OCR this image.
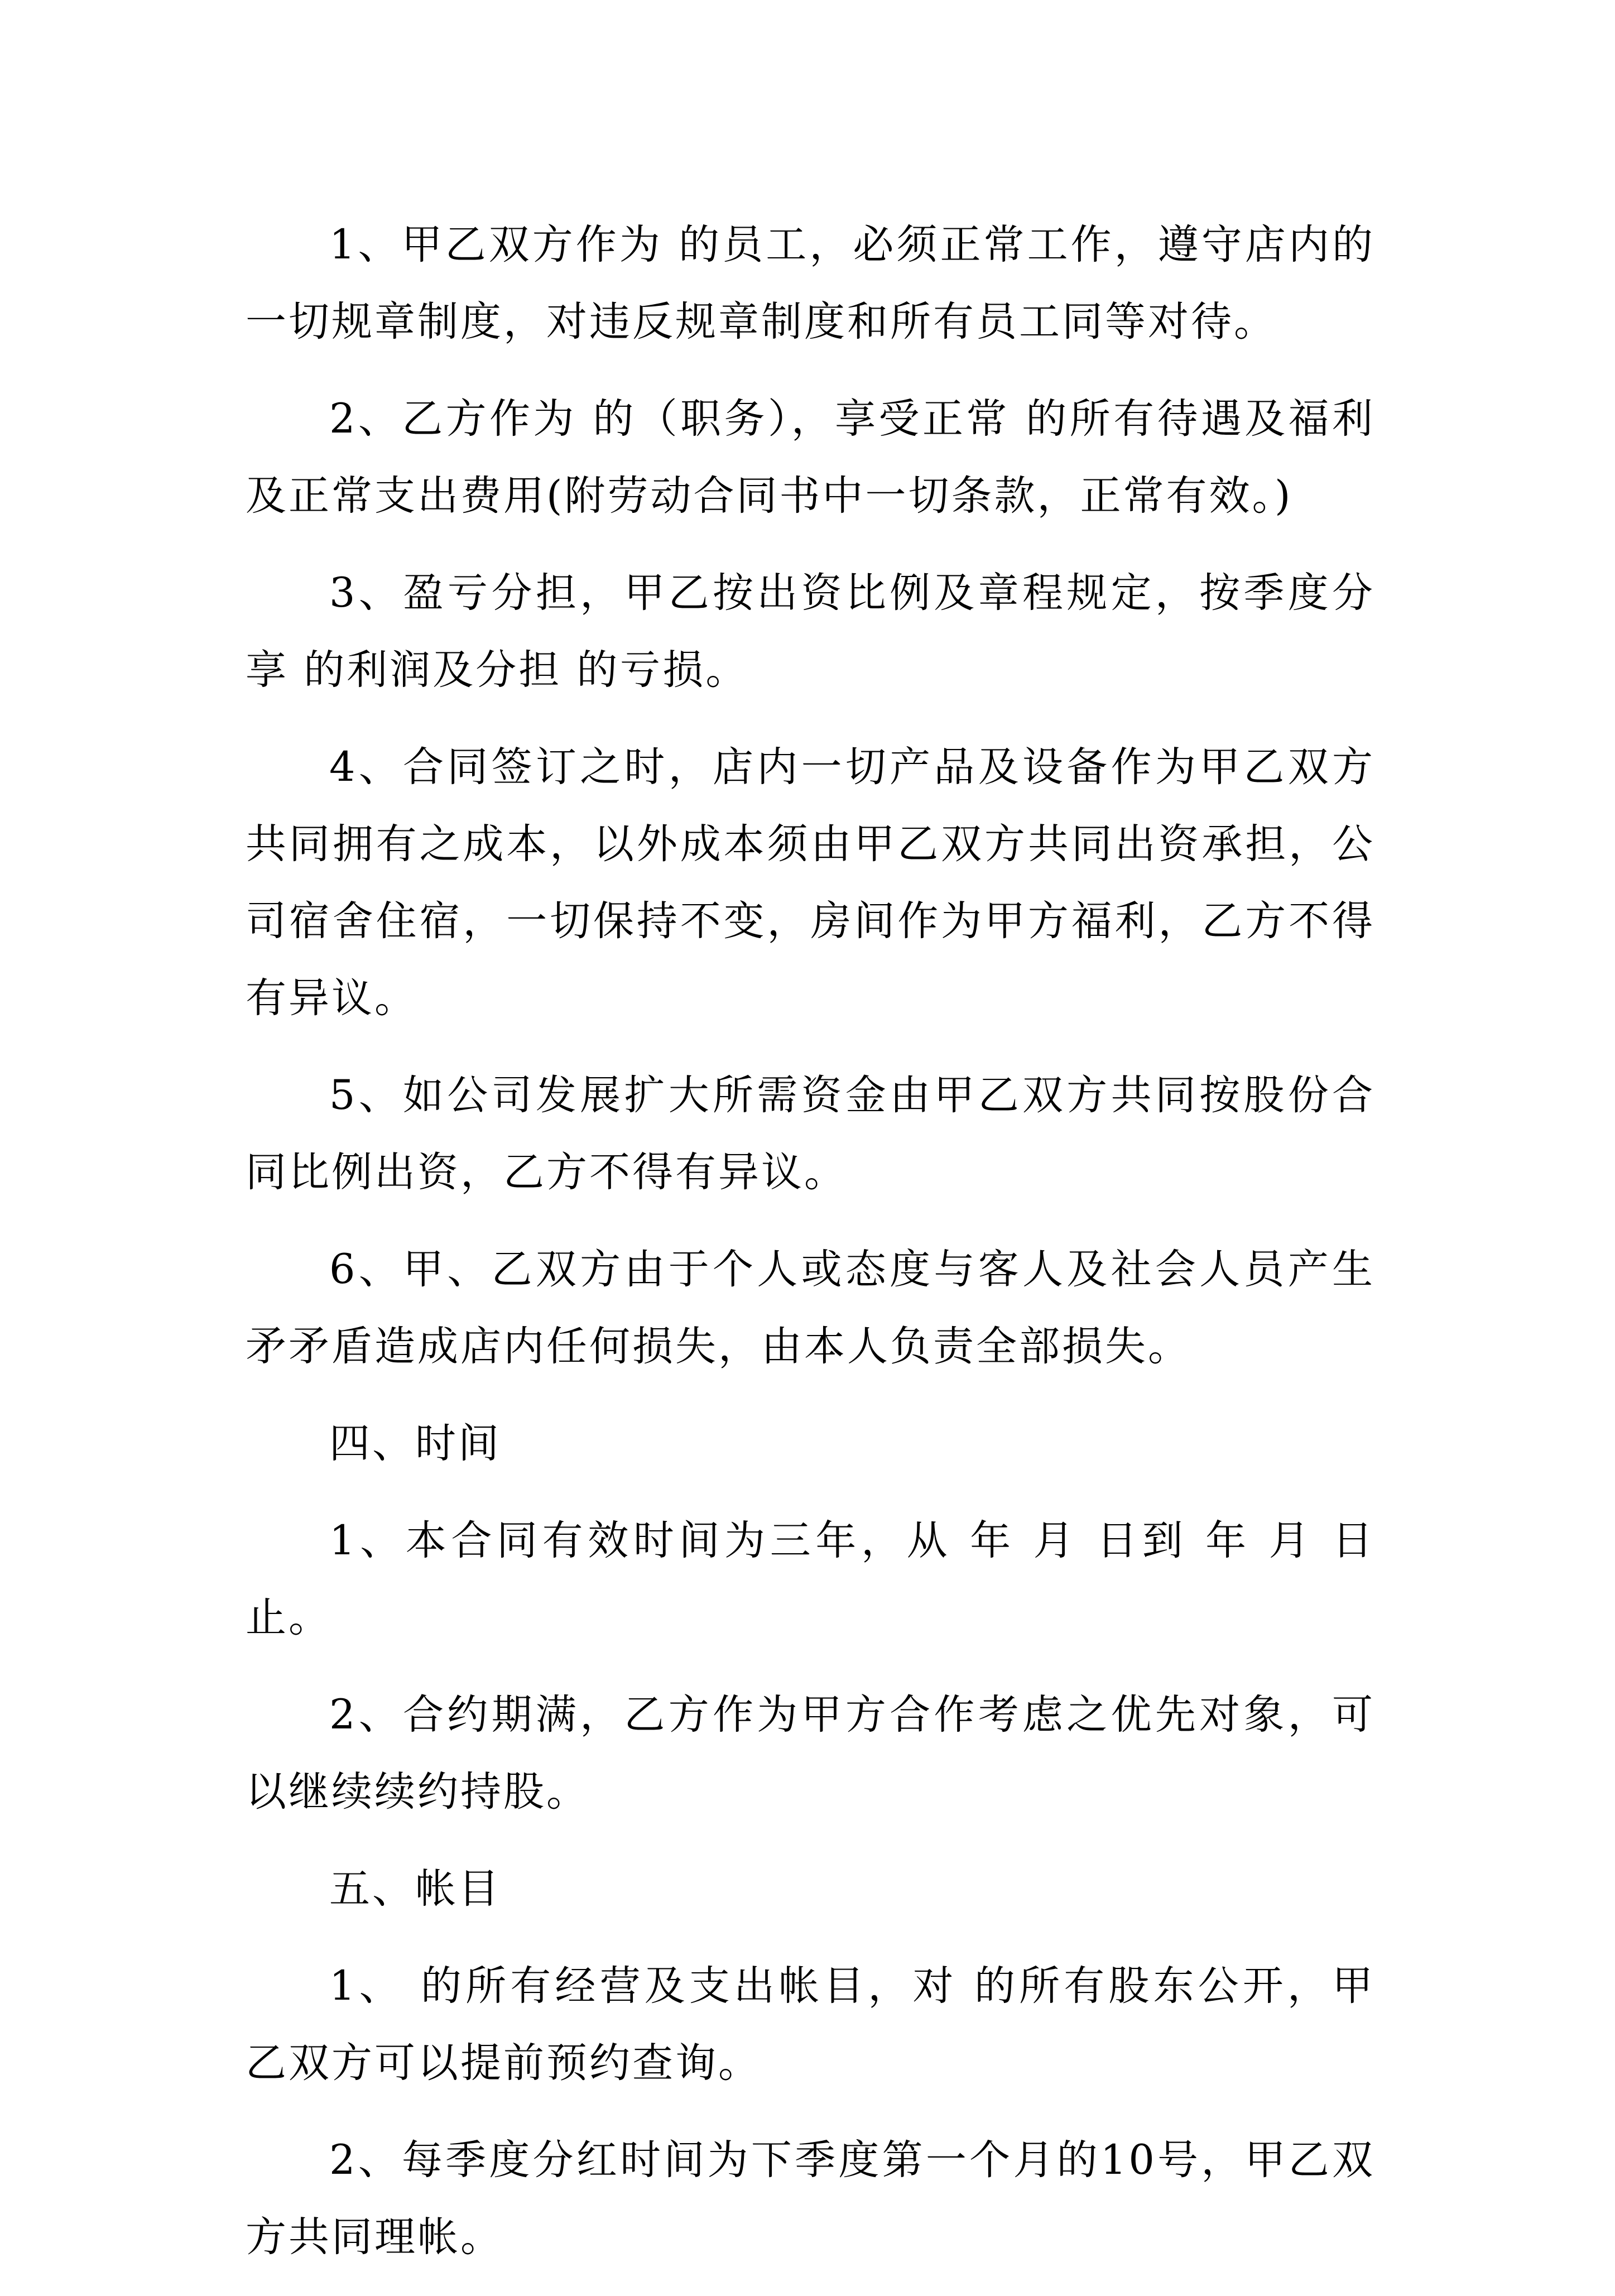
1、甲乙双方作为 的员工，必须正常工作，遵守店内的一切规章制度，对违反规章制度和所有员工同等对待。

2、乙方作为 的（职务），享受正常 的所有待遇及福利及正常支出费用(附劳动合同书中一切条款，正常有效。)

3、盈亏分担，甲乙按出资比例及章程规定，按季度分享 的利润及分担 的亏损。

4、合同签订之时，店内一切产品及设备作为甲乙双方共同拥有之成本，以外成本须由甲乙双方共同出资承担，公司宿舍住宿，一切保持不变，房间作为甲方福利，乙方不得有异议。

5、如公司发展扩大所需资金由甲乙双方共同按股份合同比例出资，乙方不得有异议。

6、甲、乙双方由于个人或态度与客人及社会人员产生矛矛盾造成店内任何损失，由本人负责全部损失。

四、时间

1、本合同有效时间为三年，从 年 月 日到 年 月 日止。

2、合约期满，乙方作为甲方合作考虑之优先对象，可以继续续约持股。

五、帐目

1、 的所有经营及支出帐目，对 的所有股东公开，甲乙双方可以提前预约查询。

2、每季度分红时间为下季度第一个月的10号，甲乙双方共同理帐。
